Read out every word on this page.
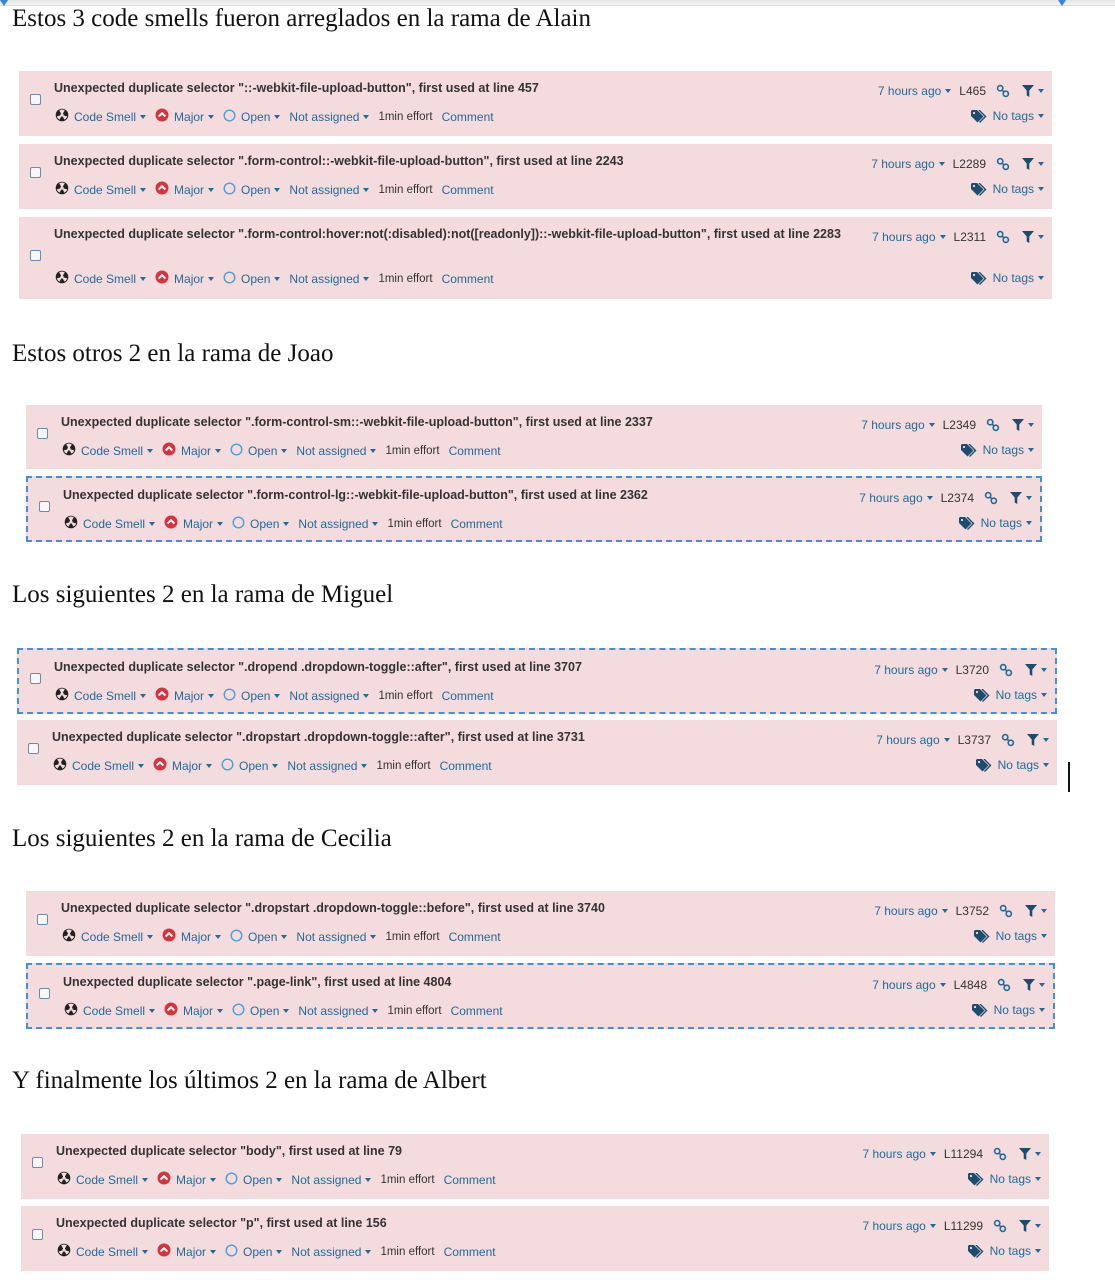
Estos 3 code smells fueron arreglados en la rama de Alain
Unexpected duplicate selector "::-webkit-file-upload-button", first used at line 457
Code Smell	Major	Open Not assigned 1min effort Comment
7 hours ago L465
No tags
Unexpected duplicate selector ".form-control::-webkit-file-upload-button", first used at line 2243
Code Smell	Major	Open Not assigned 1min effort Comment
7 hours ago L2289
No tags
Unexpected duplicate selector ".form-control:hover:not(:disabled):not([readonly])::-webkit-file-upload-button", first used at line 2283
Code Smell	Major	Open Not assigned 1min effort Comment
7 hours ago L2311
No tags
Estos otros 2 en la rama de Joao
Unexpected duplicate selector ".form-control-sm::-webkit-file-upload-button", first used at line 2337
Code Smell	Major	Open Not assigned 1min effort Comment
7 hours ago L2349
No tags
Unexpected duplicate selector ".form-control-lg::-webkit-file-upload-button", first used at line 2362
Code Smell	Major	Open Not assigned 1min effort Comment
7 hours ago L2374
No tags
Los siguientes 2 en la rama de Miguel
Unexpected duplicate selector ".dropend .dropdown-toggle::after", first used at line 3707
Code Smell	Major	Open Not assigned 1min effort Comment
7 hours ago L3720
No tags
Unexpected duplicate selector ".dropstart .dropdown-toggle::after", first used at line 3731
Code Smell	Major	Open Not assigned 1min effort Comment
7 hours ago L3737
No tags
Los siguientes 2 en la rama de Cecilia
Unexpected duplicate selector ".dropstart .dropdown-toggle::before", first used at line 3740
Code Smell	Major	Open Not assigned 1min effort Comment
7 hours ago L3752
No tags
Unexpected duplicate selector ".page-link", first used at line 4804
Code Smell	Major	Open Not assigned 1min effort Comment
7 hours ago L4848
No tags
Y finalmente los últimos 2 en la rama de Albert
Unexpected duplicate selector "body", first used at line 79
Code Smell	Major	Open Not assigned 1min effort Comment
7 hours ago L11294
No tags
Unexpected duplicate selector "p", first used at line 156
Code Smell	Major	Open Not assigned 1min effort Comment
7 hours ago L11299
No tags
